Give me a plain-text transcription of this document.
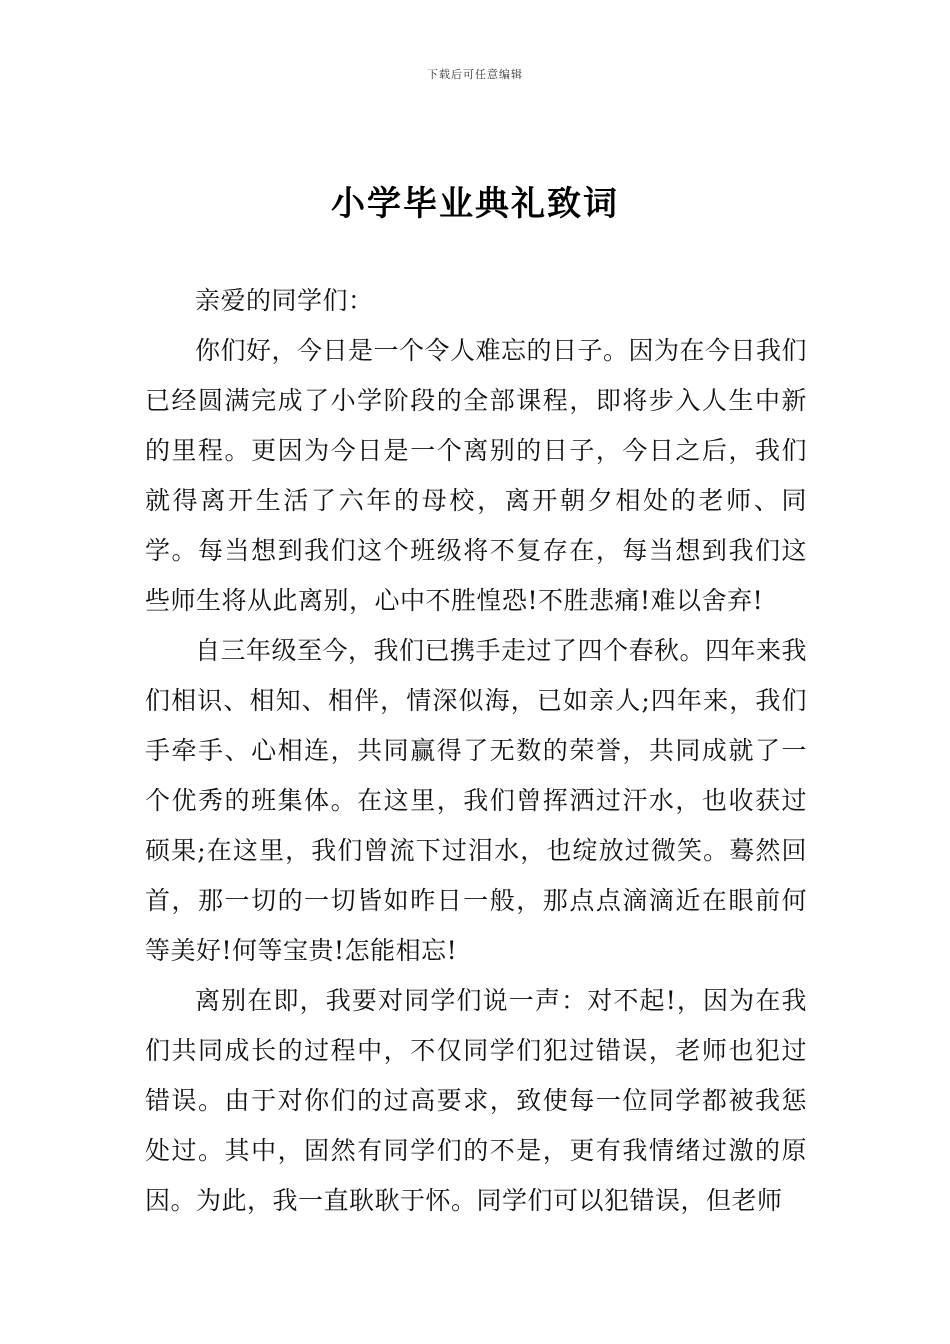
下载后可任意编辑
小学毕业典礼致词

亲爱的同学们：

你们好，今日是一个令人难忘的日子。因为在今日我们已经圆满完成了小学阶段的全部课程，即将步入人生中新的里程。更因为今日是一个离别的日子，今日之后，我们就得离开生活了六年的母校，离开朝夕相处的老师、同学。每当想到我们这个班级将不复存在，每当想到我们这些师生将从此离别，心中不胜惶恐!不胜悲痛!难以舍弃!

自三年级至今，我们已携手走过了四个春秋。四年来我们相识、相知、相伴，情深似海，已如亲人;四年来，我们手牵手、心相连，共同赢得了无数的荣誉，共同成就了一个优秀的班集体。在这里，我们曾挥洒过汗水，也收获过硕果;在这里，我们曾流下过泪水，也绽放过微笑。蓦然回首，那一切的一切皆如昨日一般，那点点滴滴近在眼前何等美好!何等宝贵!怎能相忘!

离别在即，我要对同学们说一声：对不起!，因为在我们共同成长的过程中，不仅同学们犯过错误，老师也犯过错误。由于对你们的过高要求，致使每一位同学都被我惩处过。其中，固然有同学们的不是，更有我情绪过激的原因。为此，我一直耿耿于怀。同学们可以犯错误，但老师
